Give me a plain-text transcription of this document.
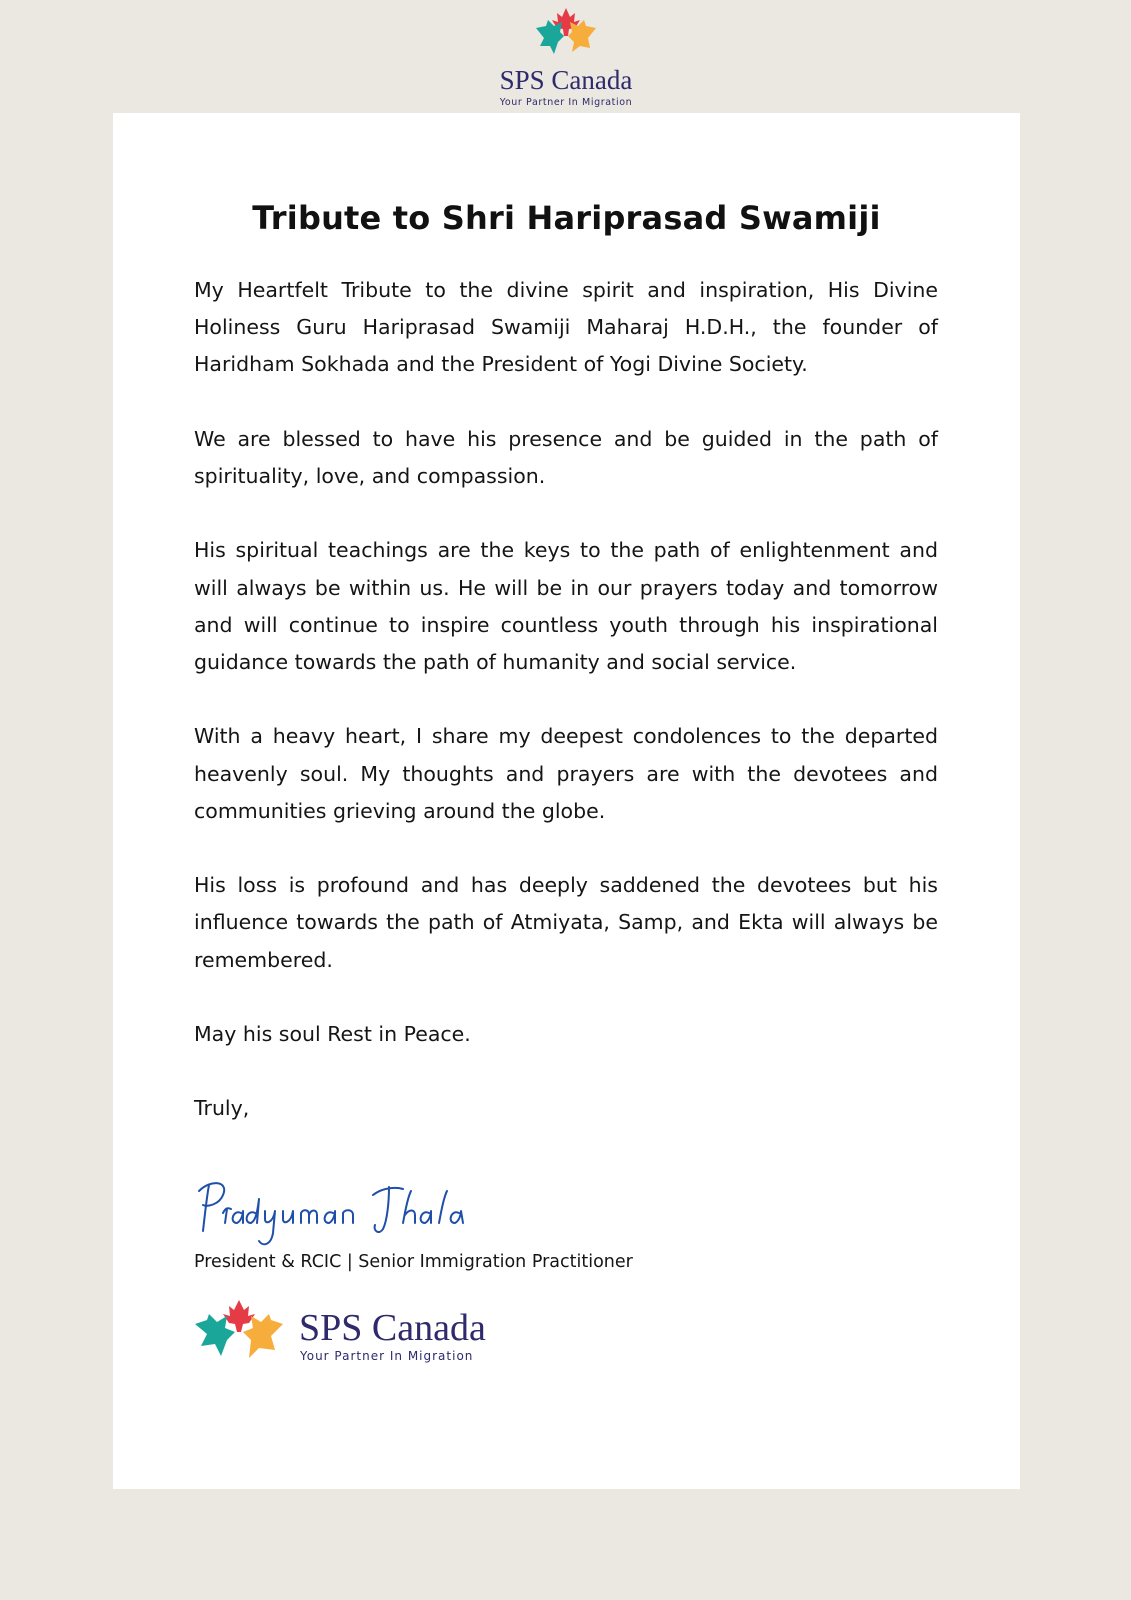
SPS Canada
Your Partner In Migration
Tribute to Shri Hariprasad Swamiji

My Heartfelt Tribute to the divine spirit and inspiration, His Divine Holiness Guru Hariprasad Swamiji Maharaj H.D.H., the founder of Haridham Sokhada and the President of Yogi Divine Society.

We are blessed to have his presence and be guided in the path of spirituality, love, and compassion.

His spiritual teachings are the keys to the path of enlightenment and will always be within us. He will be in our prayers today and tomorrow and will continue to inspire countless youth through his inspirational guidance towards the path of humanity and social service.

With a heavy heart, I share my deepest condolences to the departed heavenly soul. My thoughts and prayers are with the devotees and communities grieving around the globe.

His loss is profound and has deeply saddened the devotees but his influence towards the path of Atmiyata, Samp, and Ekta will always be remembered.

May his soul Rest in Peace.

Truly,

President & RCIC | Senior Immigration Practitioner
SPS Canada
Your Partner In Migration
